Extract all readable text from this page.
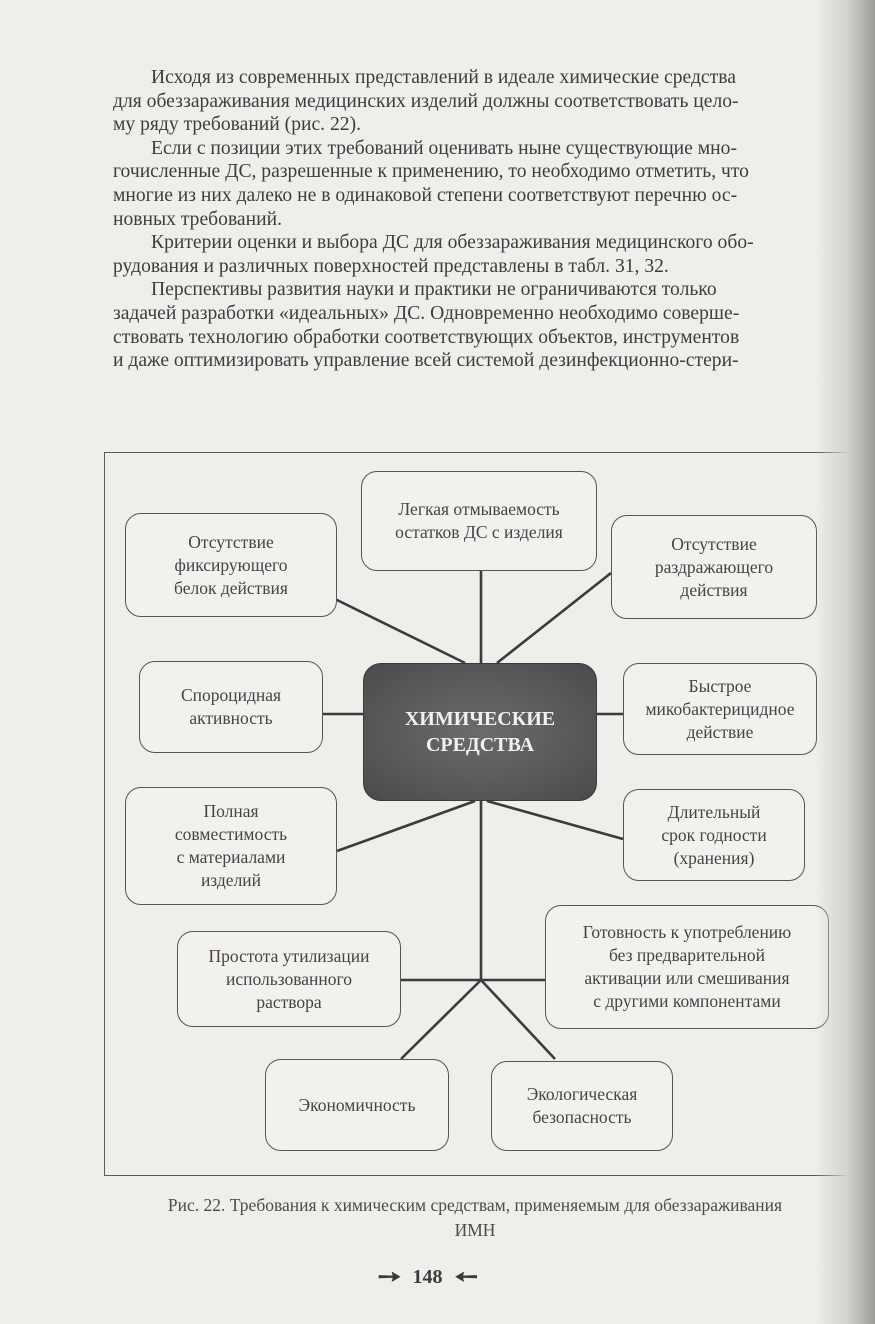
Исходя из современных представлений в идеале химические средства

для обеззараживания медицинских изделий должны соответствовать цело-

му ряду требований (рис. 22).

Если с позиции этих требований оценивать ныне существующие мно-

гочисленные ДС, разрешенные к применению, то необходимо отметить, что

многие из них далеко не в одинаковой степени соответствуют перечню ос-

новных требований.

Критерии оценки и выбора ДС для обеззараживания медицинского обо-

рудования и различных поверхностей представлены в табл. 31, 32.

Перспективы развития науки и практики не ограничиваются только

задачей разработки «идеальных» ДС. Одновременно необходимо соверше-

ствовать технологию обработки соответствующих объектов, инструментов

и даже оптимизировать управление всей системой дезинфекционно-стери-

Легкая отмываемость
остатков ДС с изделия
Отсутствие
фиксирующего
белок действия
Отсутствие
раздражающего
действия
Спороцидная
активность	ХИМИЧЕСКИЕ
СРЕДСТВА
Быстрое
микобактерицидное
действие
Полная
совместимость
с материалами
изделий
Длительный
срок годности
(хранения)
Простота утилизации
использованного
раствора
Готовность к употреблению
без предварительной
активации или смешивания
с другими компонентами
Экономичность
Экологическая
безопасность
Рис. 22. Требования к химическим средствам, применяемым для обеззараживания
ИМН
➙ 148 ➙
